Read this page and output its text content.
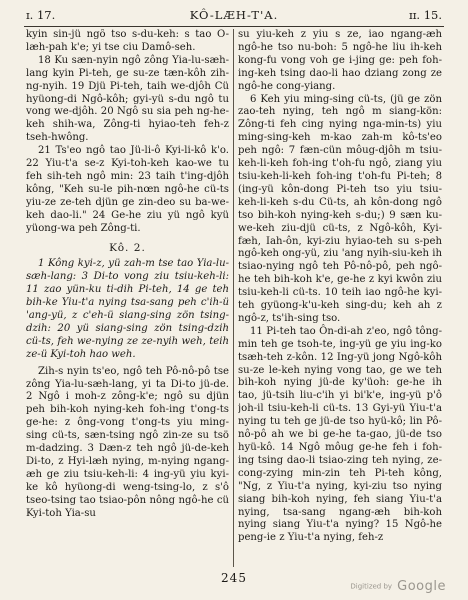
ɪ. 17.	KÔ-LÆH-T'A.	ɪɪ. 15.

kyin sin-jü ngô tso s-du-keh: s tao Ô-læh-pah k'e; yi tse ciu Damô-seh.

18 Ku sæn-nyin ngô zông Yia-lu-sæh-lang kyin Pi-teh, ge su-ze tæn-kôh zih-ng-nyih. 19 Djü Pi-teh, taih we-djôh Cü hyüong-di Ngô-kôh; gyi-yü s-du ngô tu vong we-djôh. 20 Ngô su sia peh ng-he-keh shih-wa, Zông-ti hyiao-teh feh-z tseh-hwông.

21 Ts'eo ngô tao Jü-li-ô Kyi-li-kô k'o. 22 Yiu-t'a se-z Kyi-toh-keh kao-we tu feh sih-teh ngô min: 23 taih t'ing-djôh kông, "Keh su-le pih-nœn ngô-he cü-ts yiu-ze ze-teh djün ge zin-deo su ba-we-keh dao-li." 24 Ge-he ziu yü ngô kyü yüong-wa peh Zông-ti.

Kô. 2.

1 Kông kyi-z, yü zah-m tse tao Yia-lu-sæh-lang: 3 Di-to vong ziu tsiu-keh-li: 11 zao yün-ku ti-dih Pi-teh, 14 ge teh bih-ke Yiu-t'a nying tsa-sang peh c'ih-ü 'ang-yü, z c'eh-ü siang-sing zön tsing-dzih: 20 yü siang-sing zön tsing-dzih cü-ts, feh we-nying ze ze-nyih weh, teih ze-ü Kyi-toh hao weh.

Zih-s nyin ts'eo, ngô teh Pô-nô-pô tse zông Yia-lu-sæh-lang, yi ta Di-to jü-de. 2 Ngô i moh-z zông-k'e; ngô su djün peh bih-koh nying-keh foh-ing t'ong-ts ge-he: z ông-vong t'ong-ts yiu ming-sing cü-ts, sæn-tsing ngô zin-ze su tsö m-dadzing. 3 Dæn-z teh ngô jü-de-keh Di-to, z Hyi-læh nying, m-nying ngang-æh ge ziu tsiu-keh-li: 4 ing-yü yiu kyi-ke kô hyüong-di weng-tsing-lo, z s'ô tseo-tsing tao tsiao-pôn nông ngô-he cü Kyi-toh Yia-su

su yiu-keh z yiu s ze, iao ngang-æh ngô-he tso nu-boh: 5 ngô-he liu ih-keh kong-fu vong voh ge i-jing ge: peh foh-ing-keh tsing dao-li hao dziang zong ze ngô-he cong-yiang.

6 Keh yiu ming-sing cü-ts, (jü ge zön zao-teh nying, teh ngô m siang-kön: Zông-ti feh cing nying nga-min-ts) yiu ming-sing-keh m-kao zah-m kô-ts'eo peh ngô: 7 fæn-cün môug-djôh m tsiu-keh-li-keh foh-ing t'oh-fu ngô, ziang yiu tsiu-keh-li-keh foh-ing t'oh-fu Pi-teh; 8 (ing-yü kôn-dong Pi-teh tso yiu tsiu-keh-li-keh s-du Cü-ts, ah kôn-dong ngô tso bih-koh nying-keh s-du;) 9 sæn ku-we-keh ziu-djü cü-ts, z Ngô-kôh, Kyi-fæh, Iah-ôn, kyi-ziu hyiao-teh su s-peh ngô-keh ong-yü, ziu 'ang nyih-siu-keh ih tsiao-nying ngô teh Pô-nô-pô, peh ngô-he teh bih-koh k'e, ge-he z kyi kwôn ziu tsiu-keh-li cü-ts. 10 teih iao ngô-he kyi-teh gyüong-k'u-keh sing-du; keh ah z ngô-z, ts'ih-sing tso.

11 Pi-teh tao Ôn-di-ah z'eo, ngô tông-min teh ge tsoh-te, ing-yü ge yiu ing-ko tsæh-teh z-kôn. 12 Ing-yü jong Ngô-kôh su-ze le-keh nying vong tao, ge we teh bih-koh nying jü-de ky'üoh: ge-he ih tao, jü-tsih liu-c'ih yi bi'k'e, ing-yü p'ô joh-il tsiu-keh-li cü-ts. 13 Gyi-yü Yiu-t'a nying tu teh ge jü-de tso hyü-kô; lin Pô-nô-pô ah we bi ge-he ta-gao, jü-de tso hyü-kô. 14 Ngô môug ge-he feh i foh-ing tsing dao-li tsiao-zing teh nying, ze-cong-zying min-zin teh Pi-teh kông, "Ng, z Yiu-t'a nying, kyi-ziu tso nying siang bih-koh nying, feh siang Yiu-t'a nying, tsa-sang ngang-æh bih-koh nying siang Yiu-t'a nying? 15 Ngô-he peng-ie z Yiu-t'a nying, feh-z

245
Digitized by Google
